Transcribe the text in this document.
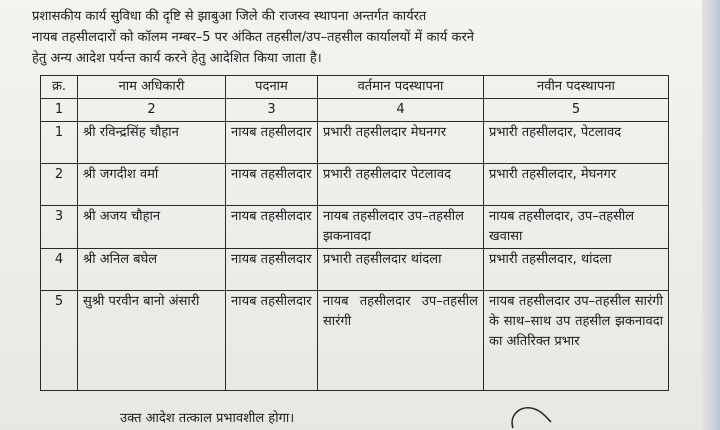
प्रशासकीय कार्य सुविधा की दृष्टि से झाबुआ जिले की राजस्व स्थापना अन्तर्गत कार्यरत
नायब तहसीलदारों को कॉलम नम्बर–5 पर अंकित तहसील/उप–तहसील कार्यालयों में कार्य करने
हेतु अन्य आदेश पर्यन्त कार्य करने हेतु आदेशित किया जाता है।
क्र.	नाम अधिकारी	पदनाम	वर्तमान पदस्थापना	नवीन पदस्थापना
1	2	3	4	5
1	श्री रविन्द्रसिंह चौहान	नायब तहसीलदार	प्रभारी तहसीलदार मेघनगर	प्रभारी तहसीलदार, पेटलावद
2	श्री जगदीश वर्मा	नायब तहसीलदार	प्रभारी तहसीलदार पेटलावद	प्रभारी तहसीलदार, मेघनगर
3	श्री अजय चौहान	नायब तहसीलदार	नायब तहसीलदार उप–तहसील झकनावदा	नायब तहसीलदार, उप–तहसील खवासा
4	श्री अनिल बघेल	नायब तहसीलदार	प्रभारी तहसीलदार थांदला	प्रभारी तहसीलदार, थांदला
5	सुश्री परवीन बानो अंसारी	नायब तहसीलदार	नायब तहसीलदार उप–तहसील सारंगी	नायब तहसीलदार उप–तहसील सारंगी के साथ–साथ उप तहसील झकनावदा का अतिरिक्त प्रभार
उक्त आदेश तत्काल प्रभावशील होगा।
